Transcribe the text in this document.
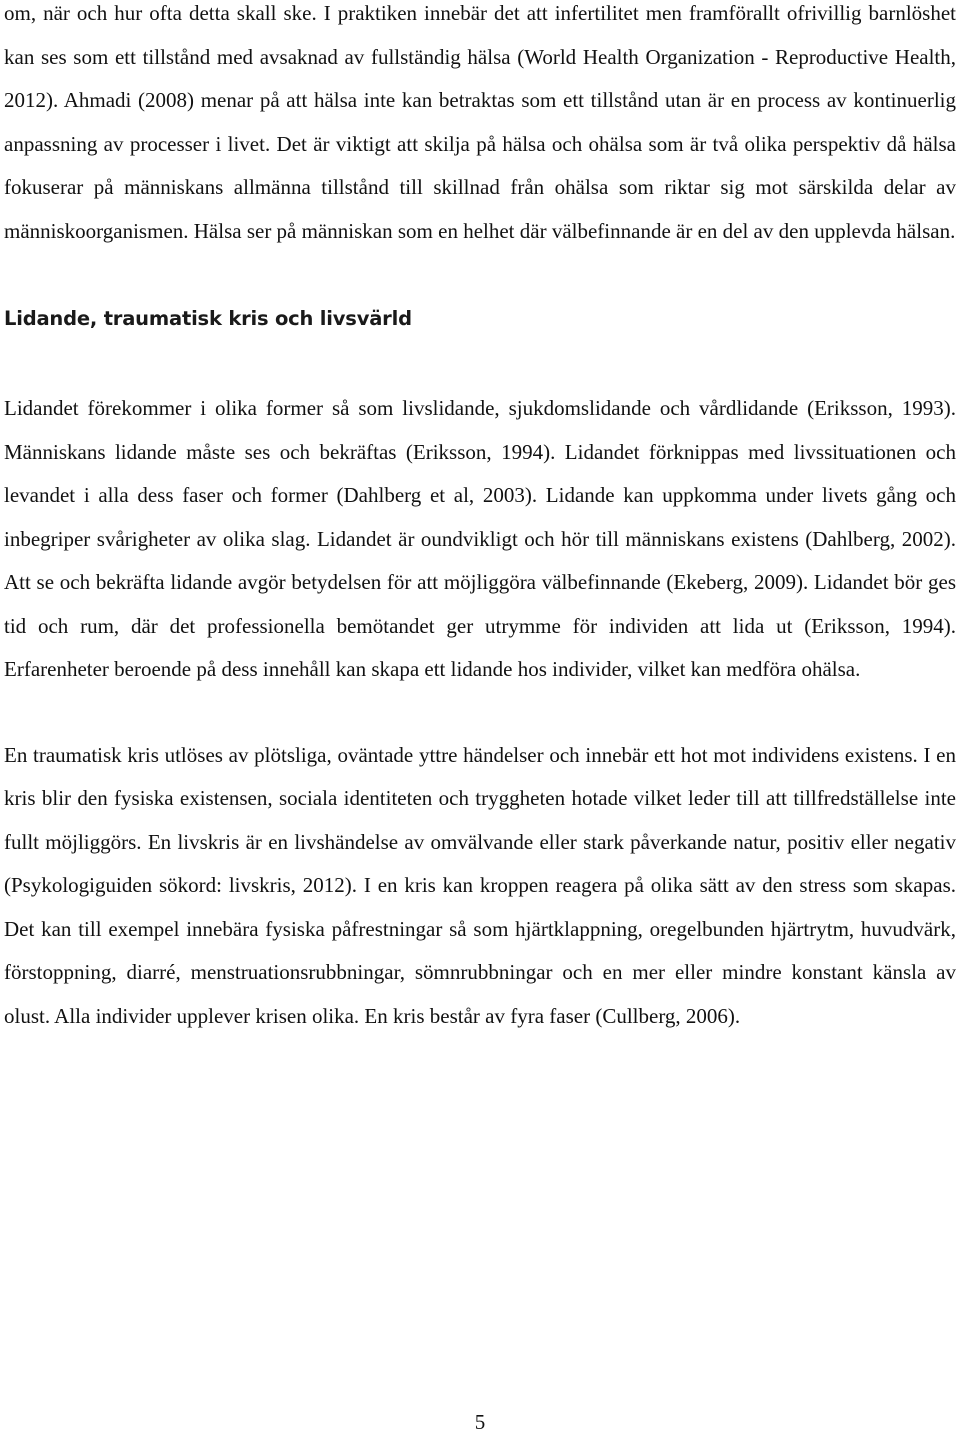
om, när och hur ofta detta skall ske. I praktiken innebär det att infertilitet men framförallt ofrivillig barnlöshet kan ses som ett tillstånd med avsaknad av fullständig hälsa (World Health Organization - Reproductive Health, 2012). Ahmadi (2008) menar på att hälsa inte kan betraktas som ett tillstånd utan är en process av kontinuerlig anpassning av processer i livet. Det är viktigt att skilja på hälsa och ohälsa som är två olika perspektiv då hälsa fokuserar på människans allmänna tillstånd till skillnad från ohälsa som riktar sig mot särskilda delar av människoorganismen. Hälsa ser på människan som en helhet där välbefinnande är en del av den upplevda hälsan.

Lidande, traumatisk kris och livsvärld

Lidandet förekommer i olika former så som livslidande, sjukdomslidande och vårdlidande (Eriksson, 1993). Människans lidande måste ses och bekräftas (Eriksson, 1994). Lidandet förknippas med livssituationen och levandet i alla dess faser och former (Dahlberg et al, 2003). Lidande kan uppkomma under livets gång och inbegriper svårigheter av olika slag. Lidandet är oundvikligt och hör till människans existens (Dahlberg, 2002). Att se och bekräfta lidande avgör betydelsen för att möjliggöra välbefinnande (Ekeberg, 2009). Lidandet bör ges tid och rum, där det professionella bemötandet ger utrymme för individen att lida ut (Eriksson, 1994). Erfarenheter beroende på dess innehåll kan skapa ett lidande hos individer, vilket kan medföra ohälsa.

En traumatisk kris utlöses av plötsliga, oväntade yttre händelser och innebär ett hot mot individens existens. I en kris blir den fysiska existensen, sociala identiteten och tryggheten hotade vilket leder till att tillfredställelse inte fullt möjliggörs. En livskris är en livshändelse av omvälvande eller stark påverkande natur, positiv eller negativ (Psykologiguiden sökord: livskris, 2012). I en kris kan kroppen reagera på olika sätt av den stress som skapas. Det kan till exempel innebära fysiska påfrestningar så som hjärtklappning, oregelbunden hjärtrytm, huvudvärk, förstoppning, diarré, menstruationsrubbningar, sömnrubbningar och en mer eller mindre konstant känsla av olust. Alla individer upplever krisen olika. En kris består av fyra faser (Cullberg, 2006).

5
